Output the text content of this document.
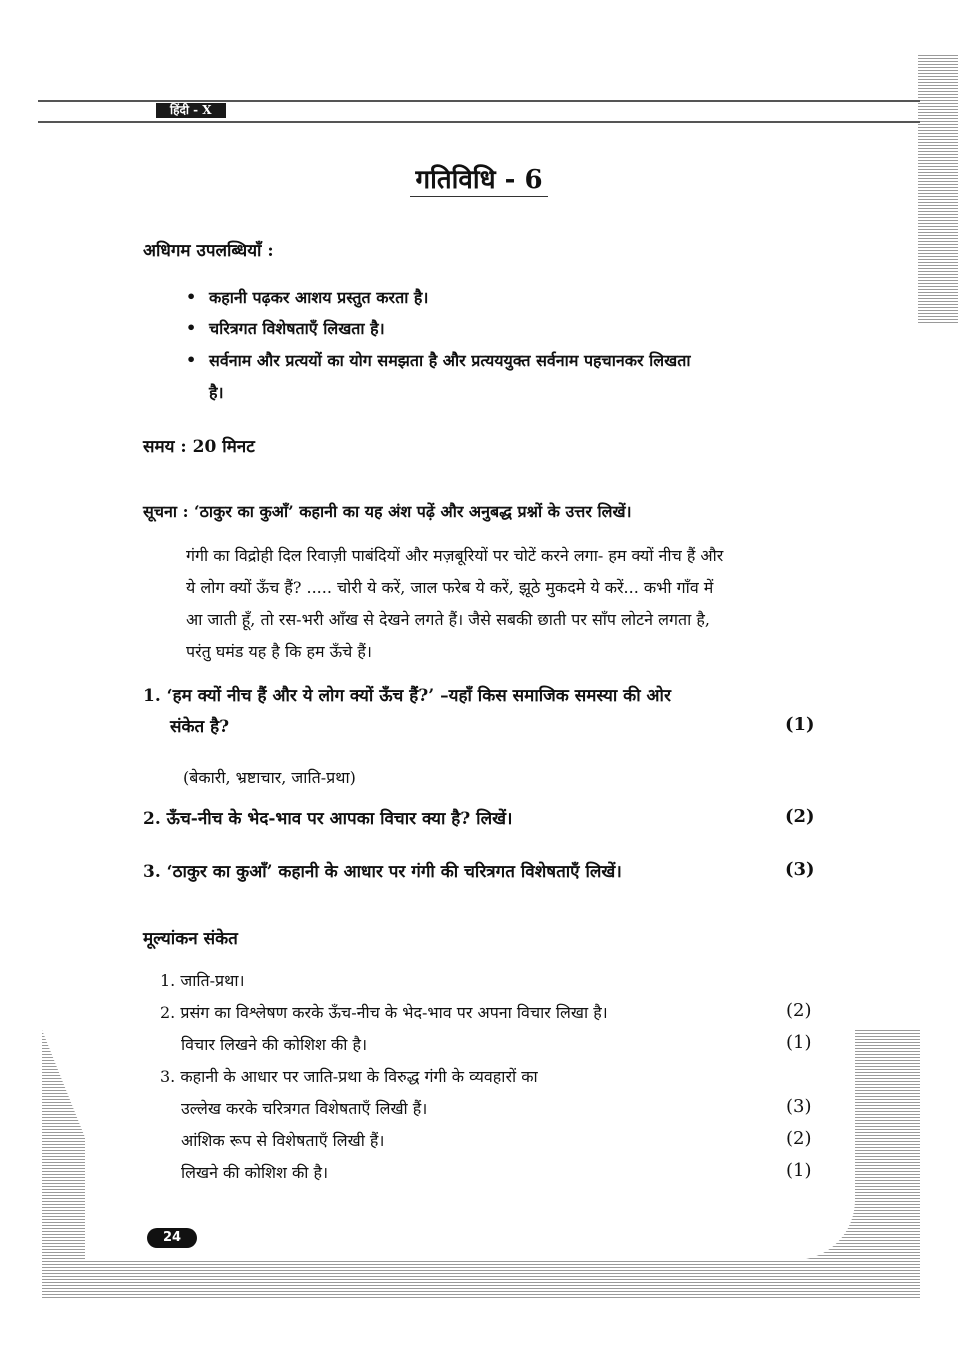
हिंदी - X
गतिविधि - 6
अधिगम उपलब्धियाँ :
• कहानी पढ़कर आशय प्रस्तुत करता है।
• चरित्रगत विशेषताएँ लिखता है।
• सर्वनाम और प्रत्ययों का योग समझता है और प्रत्यययुक्त सर्वनाम पहचानकर लिखता
है।
समय : 20 मिनट
सूचना : ‘ठाकुर का कुआँ’ कहानी का यह अंश पढ़ें और अनुबद्ध प्रश्नों के उत्तर लिखें।
गंगी का विद्रोही दिल रिवाज़ी पाबंदियों और मज़बूरियों पर चोटें करने लगा- हम क्यों नीच हैं और
ये लोग क्यों ऊँच हैं? ..... चोरी ये करें, जाल फरेब ये करें, झूठे मुकदमे ये करें... कभी गाँव में
आ जाती हूँ, तो रस-भरी आँख से देखने लगते हैं। जैसे सबकी छाती पर साँप लोटने लगता है,
परंतु घमंड यह है कि हम ऊँचे हैं।
1. ‘हम क्यों नीच हैं और ये लोग क्यों ऊँच हैं?’ –यहाँ किस समाजिक समस्या की ओर
संकेत है?	(1)
(बेकारी, भ्रष्टाचार, जाति-प्रथा)
2. ऊँच-नीच के भेद-भाव पर आपका विचार क्या है? लिखें।	(2)
3. ‘ठाकुर का कुआँ’ कहानी के आधार पर गंगी की चरित्रगत विशेषताएँ लिखें।	(3)
मूल्यांकन संकेत
1. जाति-प्रथा।
2. प्रसंग का विश्लेषण करके ऊँच-नीच के भेद-भाव पर अपना विचार लिखा है।	(2)
विचार लिखने की कोशिश की है।	(1)
3. कहानी के आधार पर जाति-प्रथा के विरुद्ध गंगी के व्यवहारों का
उल्लेख करके चरित्रगत विशेषताएँ लिखी हैं।	(3)
आंशिक रूप से विशेषताएँ लिखी हैं।	(2)
लिखने की कोशिश की है।	(1)
24
